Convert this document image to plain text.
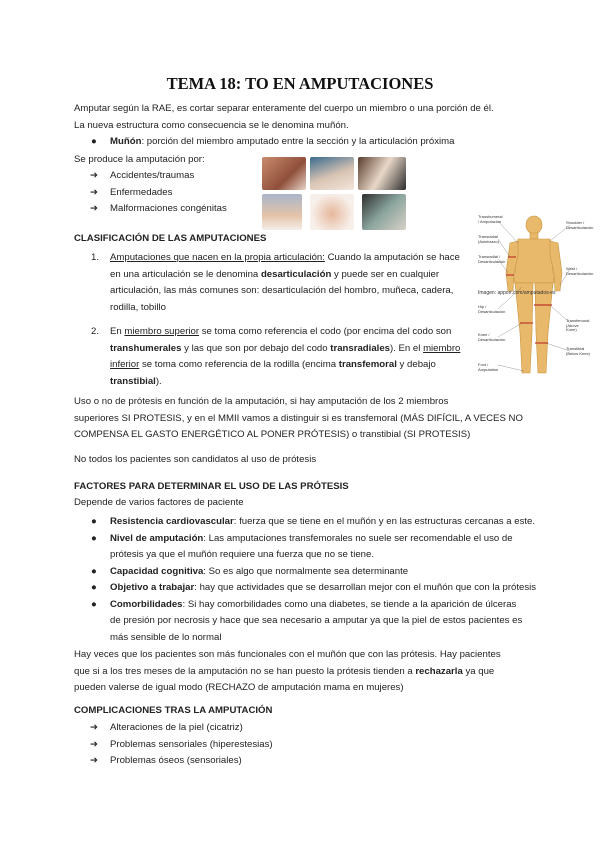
TEMA 18: TO EN AMPUTACIONES

Amputar según la RAE, es cortar separar enteramente del cuerpo un miembro o una porción de él.

La nueva estructura como consecuencia se le denomina muñón.

● Muñón: porción del miembro amputado entre la sección y la articulación próxima

Se produce la amputación por:

➔ Accidentes/traumas
➔ Enfermedades
➔ Malformaciones congénitas
Transhumeral / Amputación
Transradial (Antebrazo)
Transradial / Desarticulación
Hip / Desarticulación
Knee / Desarticulación
Foot / Amputation
Shoulder / Desarticulación
Wrist / Desarticulación
Transfemoral (Above Knee)
Transtibial (Below Knee)
Imagen: apporr.com/amputados-es

CLASIFICACIÓN DE LAS AMPUTACIONES

1. Amputaciones que nacen en la propia articulación: Cuando la amputación se hace
en una articulación se le denomina desarticulación y puede ser en cualquier
articulación, las más comunes son: desarticulación del hombro, muñeca, cadera,
rodilla, tobillo
2. En miembro superior se toma como referencia el codo (por encima del codo son
transhumerales y las que son por debajo del codo transradiales). En el miembro
inferior se toma como referencia de la rodilla (encima transfemoral y debajo
transtibial).

Uso o no de prótesis en función de la amputación, si hay amputación de los 2 miembros

superiores SI PROTESIS, y en el MMII vamos a distinguir si es transfemoral (MÁS DIFÍCIL, A VECES NO

COMPENSA EL GASTO ENERGÉTICO AL PONER PRÓTESIS) o transtibial (SI PROTESIS)

No todos los pacientes son candidatos al uso de prótesis

FACTORES PARA DETERMINAR EL USO DE LAS PRÓTESIS

Depende de varios factores de paciente

● Resistencia cardiovascular: fuerza que se tiene en el muñón y en las estructuras cercanas a este.
● Nivel de amputación: Las amputaciones transfemorales no suele ser recomendable el uso de
prótesis ya que el muñón requiere una fuerza que no se tiene.
● Capacidad cognitiva: So es algo que normalmente sea determinante
● Objetivo a trabajar: hay que actividades que se desarrollan mejor con el muñón que con la prótesis
● Comorbilidades: Si hay comorbilidades como una diabetes, se tiende a la aparición de úlceras
de presión por necrosis y hace que sea necesario a amputar ya que la piel de estos pacientes es
más sensible de lo normal

Hay veces que los pacientes son más funcionales con el muñón que con las prótesis. Hay pacientes

que si a los tres meses de la amputación no se han puesto la prótesis tienden a rechazarla ya que

pueden valerse de igual modo (RECHAZO de amputación mama en mujeres)

COMPLICACIONES TRAS LA AMPUTACIÓN

➔ Alteraciones de la piel (cicatriz)
➔ Problemas sensoriales (hiperestesias)
➔ Problemas óseos (sensoriales)
